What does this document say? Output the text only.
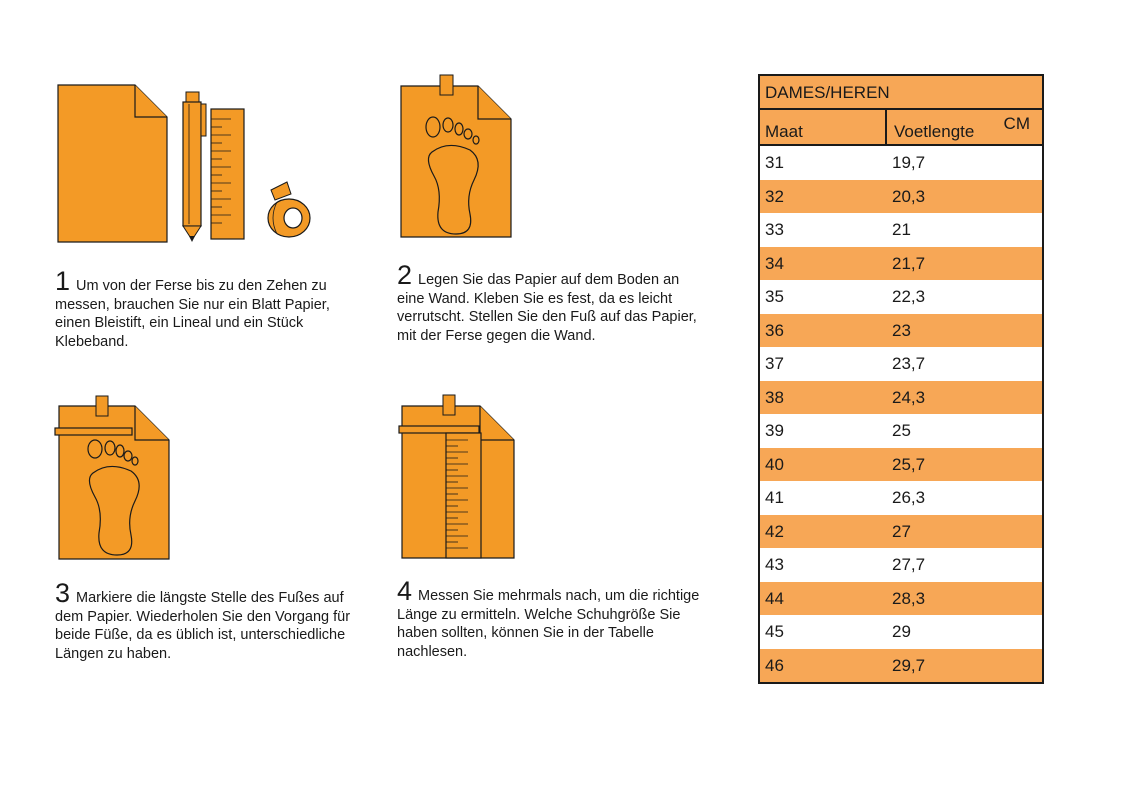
1 Um von der Ferse bis zu den Zehen zu messen, brauchen Sie nur ein Blatt Papier, einen Bleistift, ein Lineal und ein Stück Klebeband.
2 Legen Sie das Papier auf dem Boden an eine Wand. Kleben Sie es fest, da es leicht verrutscht. Stellen Sie den Fuß auf das Papier, mit der Ferse gegen die Wand.
3 Markiere die längste Stelle des Fußes auf dem Papier. Wiederholen Sie den Vorgang für beide Füße, da es üblich ist, unterschiedliche Längen zu haben.
4 Messen Sie mehrmals nach, um die richtige Länge zu ermitteln. Welche Schuhgröße Sie haben sollten, können Sie in der Tabelle nachlesen.
DAMES/HEREN
Maat	Voetlengte	CM
31	19,7
32	20,3
33	21
34	21,7
35	22,3
36	23
37	23,7
38	24,3
39	25
40	25,7
41	26,3
42	27
43	27,7
44	28,3
45	29
46	29,7
